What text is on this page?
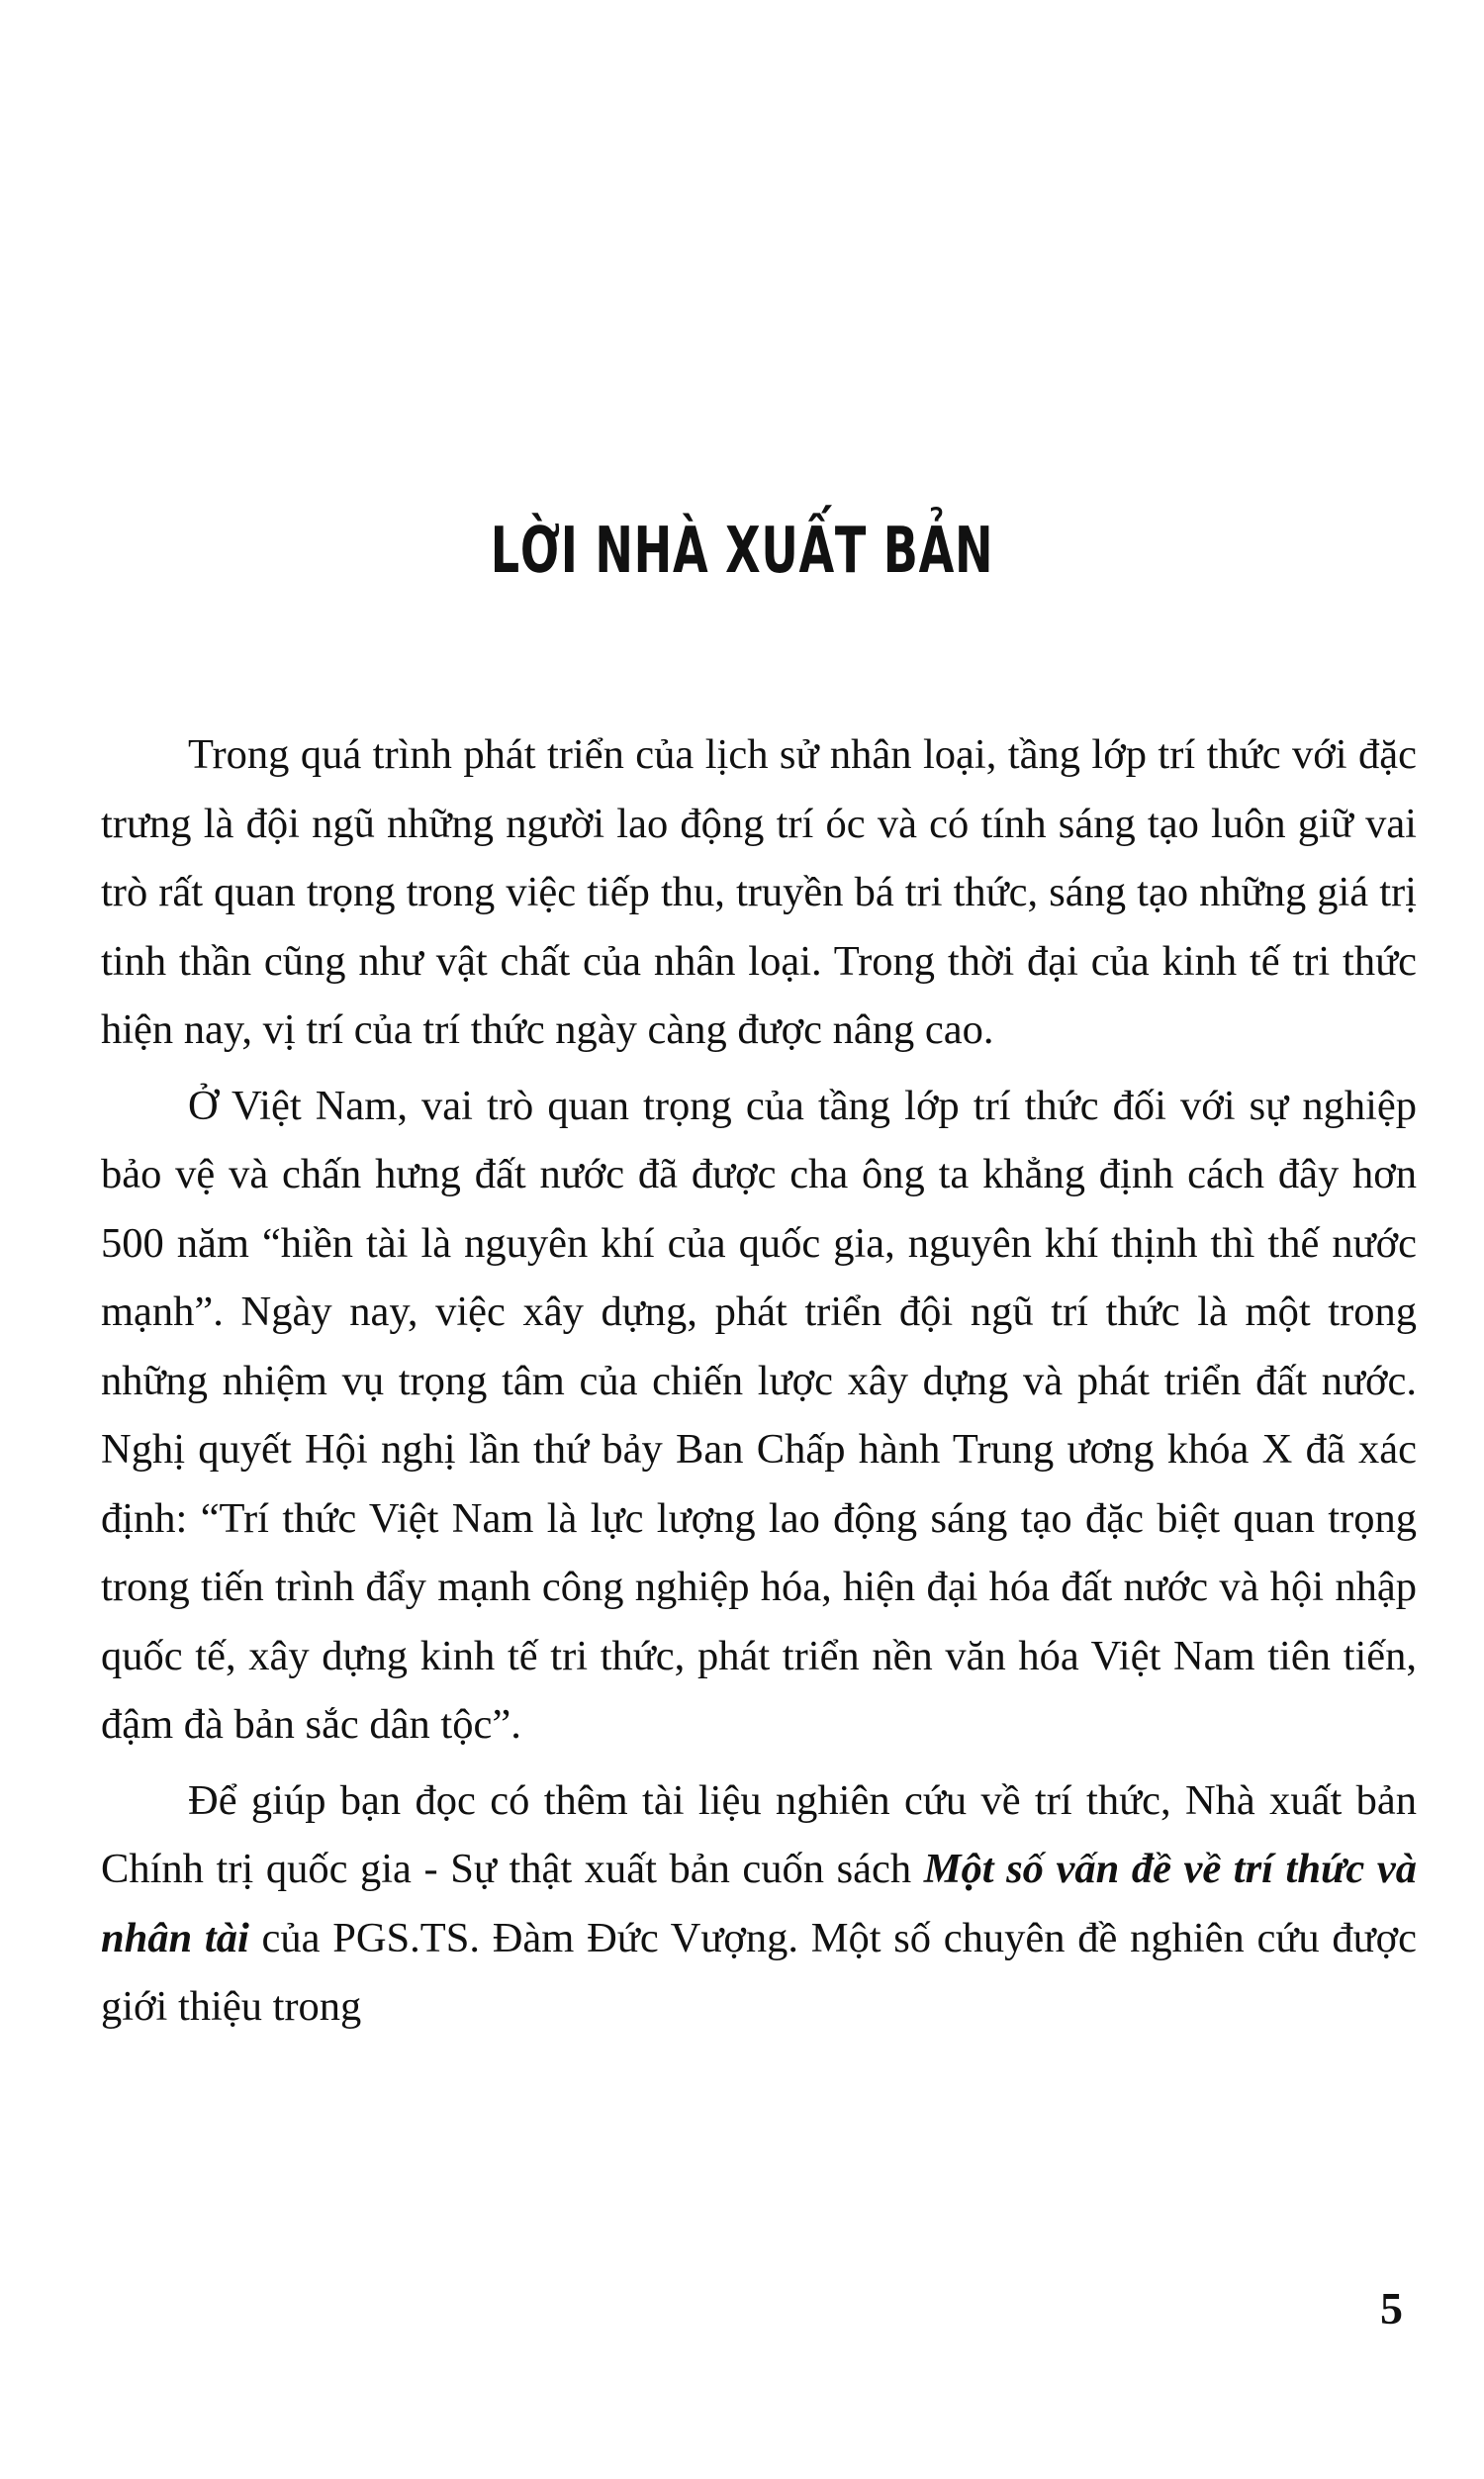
LỜI NHÀ XUẤT BẢN

Trong quá trình phát triển của lịch sử nhân loại, tầng lớp trí thức với đặc trưng là đội ngũ những người lao động trí óc và có tính sáng tạo luôn giữ vai trò rất quan trọng trong việc tiếp thu, truyền bá tri thức, sáng tạo những giá trị tinh thần cũng như vật chất của nhân loại. Trong thời đại của kinh tế tri thức hiện nay, vị trí của trí thức ngày càng được nâng cao.

Ở Việt Nam, vai trò quan trọng của tầng lớp trí thức đối với sự nghiệp bảo vệ và chấn hưng đất nước đã được cha ông ta khẳng định cách đây hơn 500 năm “hiền tài là nguyên khí của quốc gia, nguyên khí thịnh thì thế nước mạnh”. Ngày nay, việc xây dựng, phát triển đội ngũ trí thức là một trong những nhiệm vụ trọng tâm của chiến lược xây dựng và phát triển đất nước. Nghị quyết Hội nghị lần thứ bảy Ban Chấp hành Trung ương khóa X đã xác định: “Trí thức Việt Nam là lực lượng lao động sáng tạo đặc biệt quan trọng trong tiến trình đẩy mạnh công nghiệp hóa, hiện đại hóa đất nước và hội nhập quốc tế, xây dựng kinh tế tri thức, phát triển nền văn hóa Việt Nam tiên tiến, đậm đà bản sắc dân tộc”.

Để giúp bạn đọc có thêm tài liệu nghiên cứu về trí thức, Nhà xuất bản Chính trị quốc gia - Sự thật xuất bản cuốn sách Một số vấn đề về trí thức và nhân tài của PGS.TS. Đàm Đức Vượng. Một số chuyên đề nghiên cứu được giới thiệu trong

5
